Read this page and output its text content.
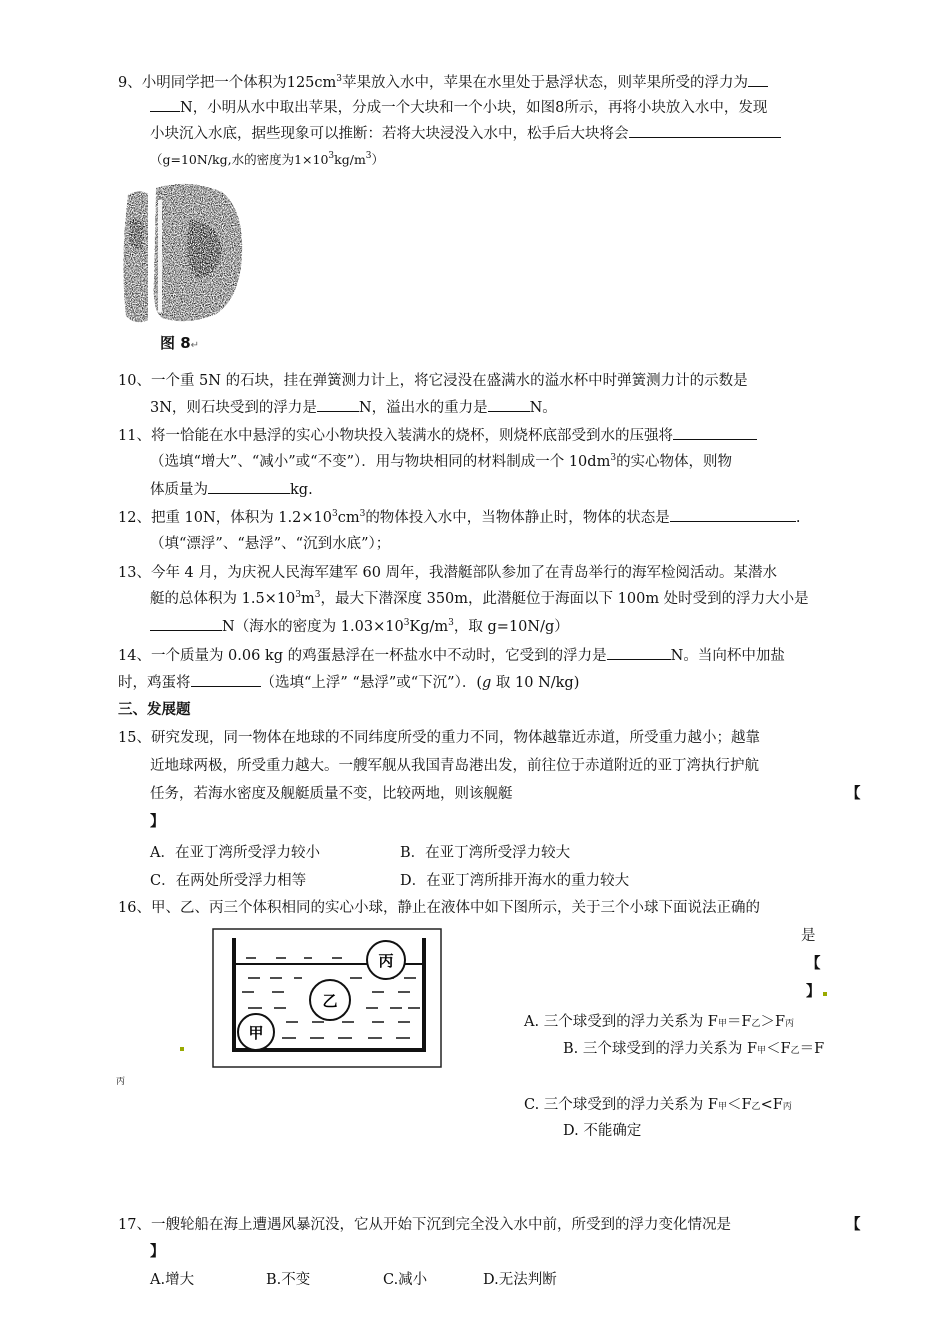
9、小明同学把一个体积为$125cm^3$苹果放入水中，苹果在水里处于悬浮状态，则苹果所受的浮力为
N，小明从水中取出苹果，分成一个大块和一个小块，如图8所示，再将小块放入水中，发现
小块沉入水底，据些现象可以推断：若将大块浸没入水中，松手后大块将会
（g=10N/kg,水的密度为$1\times 10^3kg/m^3$）
图 8↵
10、一个重 5N 的石块，挂在弹簧测力计上，将它浸没在盛满水的溢水杯中时弹簧测力计的示数是
3N，则石块受到的浮力是	N，溢出水的重力是	N。
11、将一恰能在水中悬浮的实心小物块投入装满水的烧杯，则烧杯底部受到水的压强将
（选填“增大”、“减小”或“不变”）．用与物块相同的材料制成一个 $10dm^3$的实心物体，则物
体质量为	kg.
12、把重 10N，体积为 $1.2\times 10^3cm^3$的物体投入水中，当物体静止时，物体的状态是	.
（填“漂浮”、“悬浮”、“沉到水底”）；
13、今年 4 月，为庆祝人民海军建军 60 周年，我潜艇部队参加了在青岛举行的海军检阅活动。某潜水
艇的总体积为 $1.5\times 10^3m^3$，最大下潜深度 350m，此潜艇位于海面以下 100m 处时受到的浮力大小是
N（海水的密度为 $1.03\times 10^3Kg/m^3$，取 g=10N/g）
14、一个质量为 0.06 kg 的鸡蛋悬浮在一杯盐水中不动时，它受到的浮力是	N。当向杯中加盐
时，鸡蛋将	（选填“上浮” “悬浮”或“下沉”）．(g 取 10 N/kg)
三、发展题
15、研究发现，同一物体在地球的不同纬度所受的重力不同，物体越靠近赤道，所受重力越小；越靠
近地球两极，所受重力越大。一艘军舰从我国青岛港出发，前往位于赤道附近的亚丁湾执行护航
任务，若海水密度及舰艇质量不变，比较两地，则该舰艇	【
】
A．在亚丁湾所受浮力较小	B．在亚丁湾所受浮力较大
C．在两处所受浮力相等	D．在亚丁湾所排开海水的重力较大
16、甲、乙、丙三个体积相同的实心小球，静止在液体中如下图所示，关于三个小球下面说法正确的
是
【
】
丙
乙
甲
A. 三个球受到的浮力关系为 F甲＝F乙＞F丙
B. 三个球受到的浮力关系为 F甲＜F乙＝F
丙
C. 三个球受到的浮力关系为 F甲＜F乙<F丙
D. 不能确定
17、一艘轮船在海上遭遇风暴沉没，它从开始下沉到完全没入水中前，所受到的浮力变化情况是	【
】
A.增大	B.不变	C.减小	D.无法判断
